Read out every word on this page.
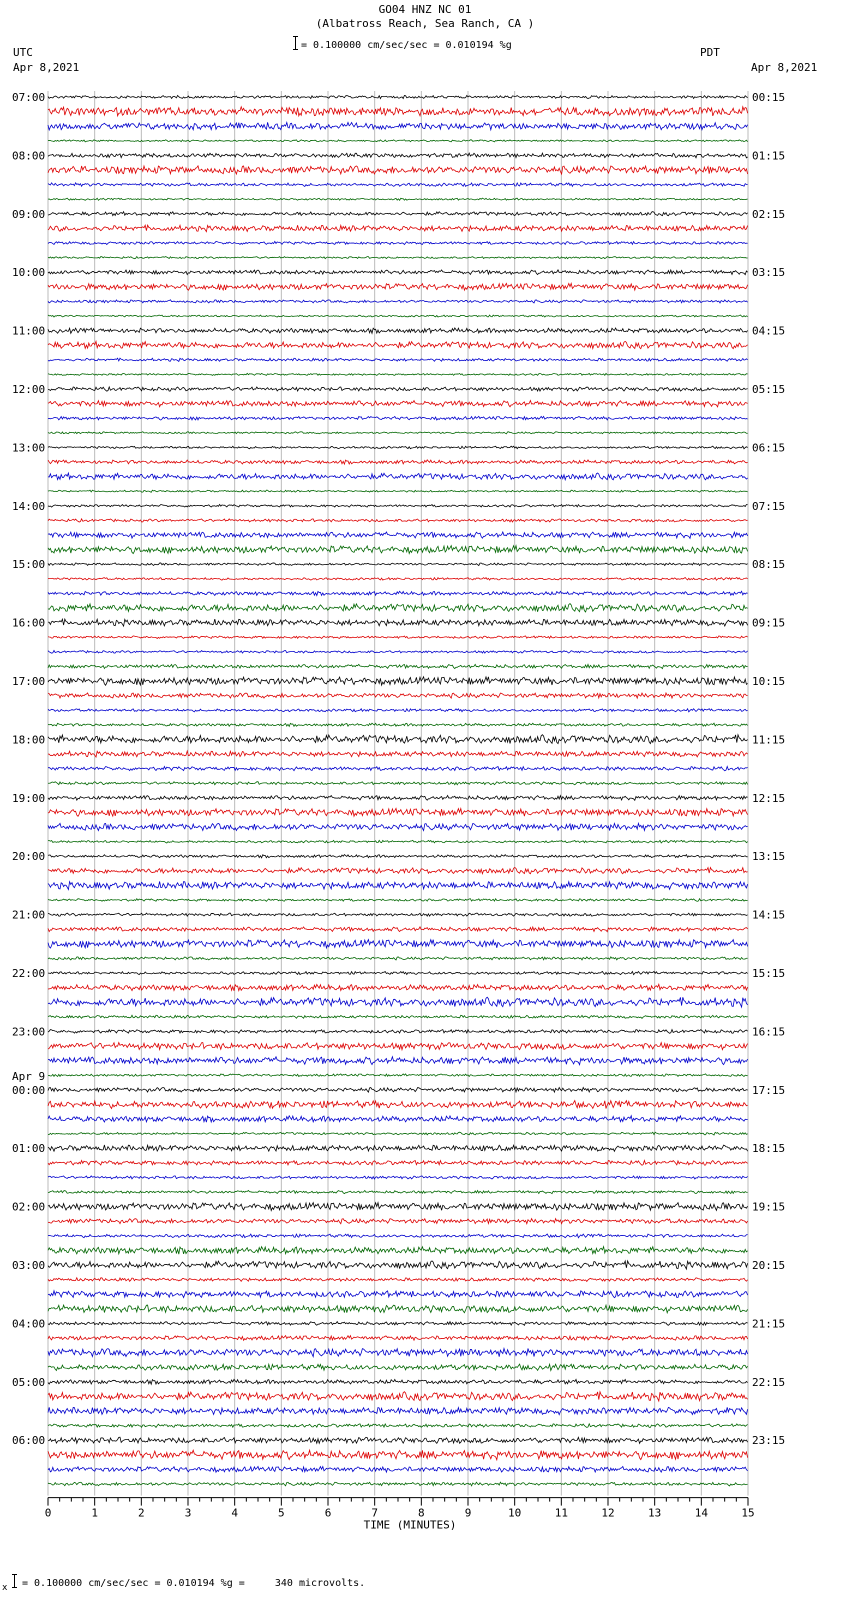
GO04 HNZ NC 01
(Albatross Reach, Sea Ranch, CA )
= 0.100000 cm/sec/sec = 0.010194 %g
UTC
Apr 8,2021
PDT
Apr 8,2021
07:00	00:15
08:00	01:15
09:00	02:15
10:00	03:15
11:00	04:15
12:00	05:15
13:00	06:15
14:00	07:15
15:00	08:15
16:00	09:15
17:00	10:15
18:00	11:15
19:00	12:15
20:00	13:15
21:00	14:15
22:00	15:15
23:00	16:15
00:00	17:15
01:00	18:15
02:00	19:15
03:00	20:15
04:00	21:15
05:00	22:15
06:00	23:15
Apr 9
0	1	2	3	4	5	6	7	8	9	10	11	12	13	14	15
TIME (MINUTES)
x = 0.100000 cm/sec/sec = 0.010194 %g =     340 microvolts.
